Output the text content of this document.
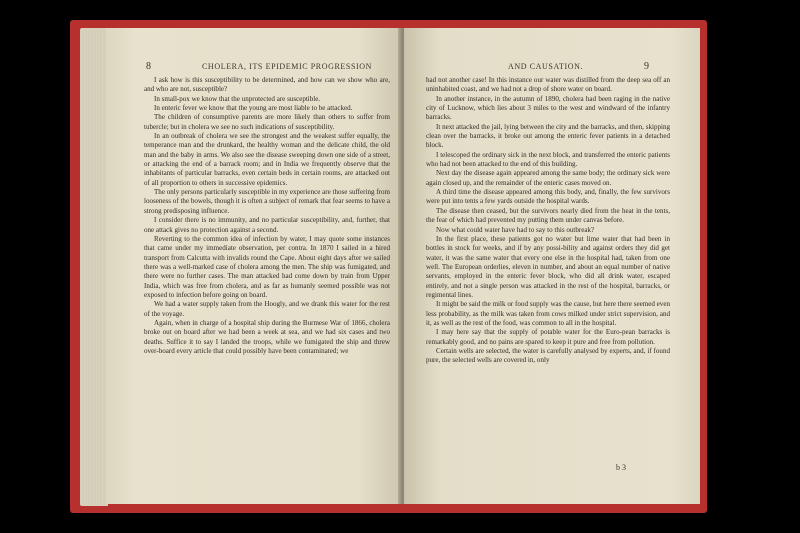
8	CHOLERA, ITS EPIDEMIC PROGRESSION

I ask how is this susceptibility to be determined, and how can we show who are, and who are not, susceptible?

In small-pox we know that the unprotected are susceptible.

In enteric fever we know that the young are most liable to be attacked.

The children of consumptive parents are more likely than others to suffer from tubercle; but in cholera we see no such indications of susceptibility.

In an outbreak of cholera we see the strongest and the weakest suffer equally, the temperance man and the drunkard, the healthy woman and the delicate child, the old man and the baby in arms. We also see the disease sweeping down one side of a street, or attacking the end of a barrack room; and in India we frequently observe that the inhabitants of particular barracks, even certain beds in certain rooms, are attacked out of all proportion to others in successive epidemics.

The only persons particularly susceptible in my experience are those suffering from looseness of the bowels, though it is often a subject of remark that fear seems to have a strong predisposing influence.

I consider there is no immunity, and no particular susceptibility, and, further, that one attack gives no protection against a second.

Reverting to the common idea of infection by water, I may quote some instances that came under my immediate observation, per contra. In 1870 I sailed in a hired transport from Calcutta with invalids round the Cape. About eight days after we sailed there was a well-marked case of cholera among the men. The ship was fumigated, and there were no further cases. The man attacked had come down by train from Upper India, which was free from cholera, and as far as humanly seemed possible was not exposed to infection before going on board.

We had a water supply taken from the Hoogly, and we drank this water for the rest of the voyage.

Again, when in charge of a hospital ship during the Burmese War of 1866, cholera broke out on board after we had been a week at sea, and we had six cases and two deaths. Suffice it to say I landed the troops, while we fumigated the ship and threw over-board every article that could possibly have been contaminated; we

AND CAUSATION.	9

had not another case! In this instance our water was distilled from the deep sea off an uninhabited coast, and we had not a drop of shore water on board.

In another instance, in the autumn of 1890, cholera had been raging in the native city of Lucknow, which lies about 3 miles to the west and windward of the infantry barracks.

It next attacked the jail, lying between the city and the barracks, and then, skipping clean over the barracks, it broke out among the enteric fever patients in a detached block.

I telescoped the ordinary sick in the next block, and transferred the enteric patients who had not been attacked to the end of this building.

Next day the disease again appeared among the same body; the ordinary sick were again closed up, and the remainder of the enteric cases moved on.

A third time the disease appeared among this body, and, finally, the few survivors were put into tents a few yards outside the hospital wards.

The disease then ceased, but the survivors nearly died from the heat in the tents, the fear of which had prevented my putting them under canvas before.

Now what could water have had to say to this outbreak?

In the first place, these patients got no water but lime water that had been in bottles in stock for weeks, and if by any possi-bility and against orders they did get water, it was the same water that every one else in the hospital had, taken from one well. The European orderlies, eleven in number, and about an equal number of native servants, employed in the enteric fever block, who did all drink water, escaped entirely, and not a single person was attacked in the rest of the hospital, barracks, or regimental lines.

It might be said the milk or food supply was the cause, but here there seemed even less probability, as the milk was taken from cows milked under strict supervision, and it, as well as the rest of the food, was common to all in the hospital.

I may here say that the supply of potable water for the Euro-pean barracks is remarkably good, and no pains are spared to keep it pure and free from pollution.

Certain wells are selected, the water is carefully analysed by experts, and, if found pure, the selected wells are covered in, only

b 3
